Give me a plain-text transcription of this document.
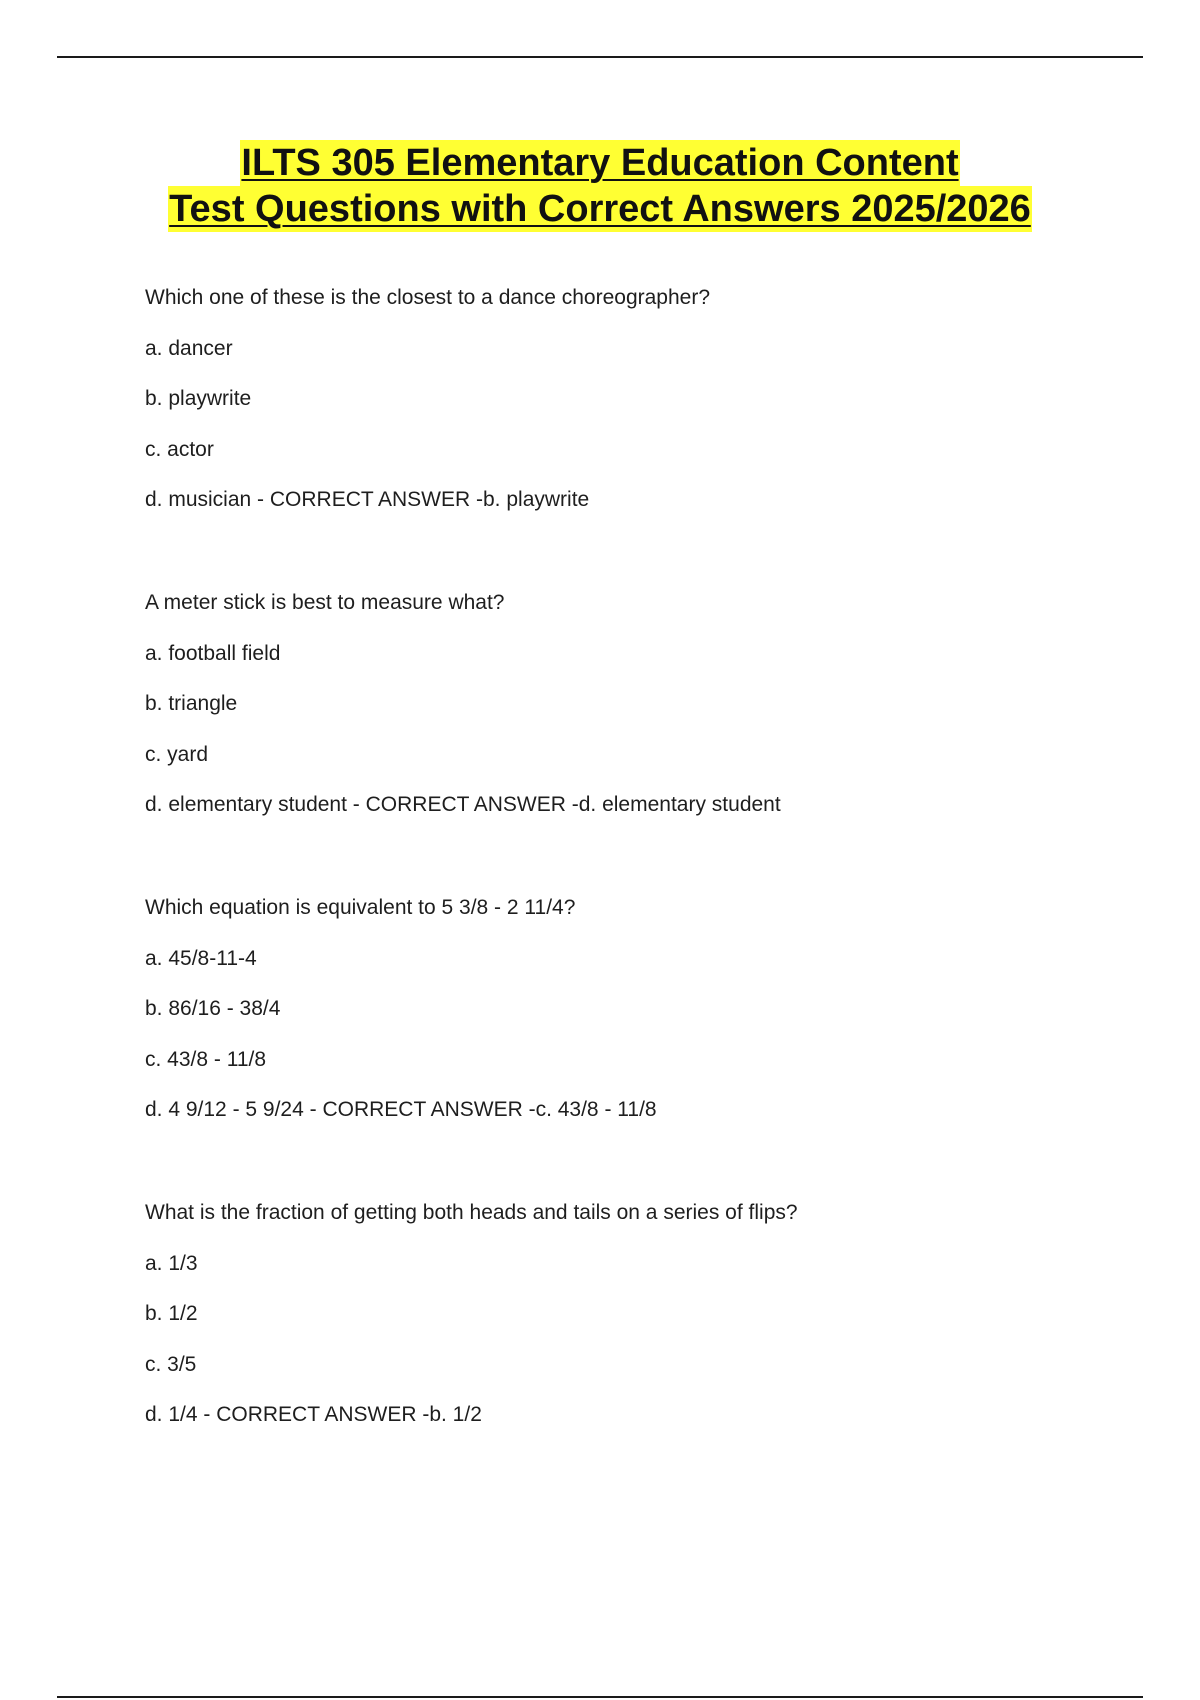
ILTS 305 Elementary Education Content
Test Questions with Correct Answers 2025/2026
Which one of these is the closest to a dance choreographer?
a. dancer
b. playwrite
c. actor
d. musician - CORRECT ANSWER -b. playwrite
A meter stick is best to measure what?
a. football field
b. triangle
c. yard
d. elementary student - CORRECT ANSWER -d. elementary student
Which equation is equivalent to 5 3/8 - 2 11/4?
a. 45/8-11-4
b. 86/16 - 38/4
c. 43/8 - 11/8
d. 4 9/12 - 5 9/24 - CORRECT ANSWER -c. 43/8 - 11/8
What is the fraction of getting both heads and tails on a series of flips?
a. 1/3
b. 1/2
c. 3/5
d. 1/4 - CORRECT ANSWER -b. 1/2
